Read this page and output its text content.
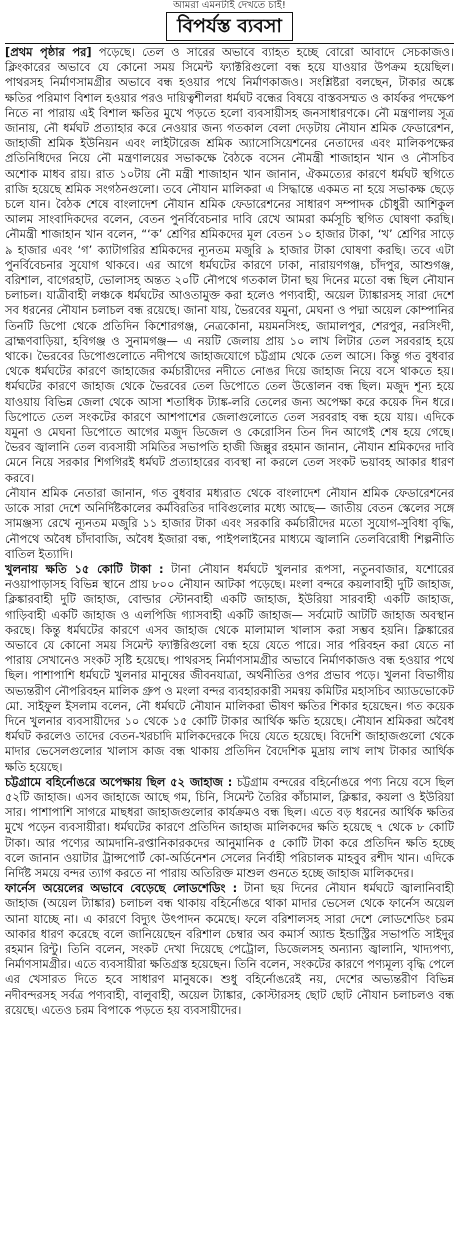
আমরা এমনটাই দেখতে চাই!
বিপর্যস্ত ব্যবসা

[প্রথম পৃষ্ঠার পর] পড়েছে। তেল ও সারের অভাবে ব্যাহত হচ্ছে বোরো আবাদে সেচকাজও। ক্লিংকারের অভাবে যে কোনো সময় সিমেন্ট ফ্যাক্টরিগুলো বন্ধ হয়ে যাওয়ার উপক্রম হয়েছিল। পাথরসহ নির্মাণসামগ্রীর অভাবে বন্ধ হওয়ার পথে নির্মাণকাজও। সংশ্লিষ্টরা বলছেন, টাকার অঙ্কে ক্ষতির পরিমাণ বিশাল হওয়ার পরও দায়িত্বশীলরা ধর্মঘট বন্ধের বিষয়ে বাস্তবসম্মত ও কার্যকর পদক্ষেপ নিতে না পারায় এই বিশাল ক্ষতির মুখে পড়তে হলো ব্যবসায়ীসহ জনসাধারণকে। নৌ মন্ত্রণালয় সূত্র জানায়, নৌ ধর্মঘট প্রত্যাহার করে নেওয়ার জন্য গতকাল বেলা দেড়টায় নৌযান শ্রমিক ফেডারেশন, জাহাজী শ্রমিক ইউনিয়ন এবং লাইটারেজ শ্রমিক অ্যাসোসিয়েশনের নেতাদের এবং মালিকপক্ষের প্রতিনিধিদের নিয়ে নৌ মন্ত্রণালয়ের সভাকক্ষে বৈঠকে বসেন নৌমন্ত্রী শাজাহান খান ও নৌসচিব অশোক মাধব রায়। রাত ১০টায় নৌ মন্ত্রী শাজাহান খান জানান, ঐকমত্যের কারণে ধর্মঘট স্থগিতে রাজি হয়েছে শ্রমিক সংগঠনগুলো। তবে নৌযান মালিকরা এ সিদ্ধান্তে একমত না হয়ে সভাকক্ষ ছেড়ে চলে যান। বৈঠক শেষে বাংলাদেশ নৌযান শ্রমিক ফেডারেশনের সাধারণ সম্পাদক চৌধুরী আশিকুল আলম সাংবাদিকদের বলেন, বেতন পুনর্বিবেচনার দাবি রেখে আমরা কর্মসূচি স্থগিত ঘোষণা করছি। নৌমন্ত্রী শাজাহান খান বলেন, “‘ক’ শ্রেণির শ্রমিকদের মূল বেতন ১০ হাজার টাকা, ‘খ’ শ্রেণির সাড়ে ৯ হাজার এবং ‘গ’ ক্যাটাগরির শ্রমিকদের ন্যূনতম মজুরি ৯ হাজার টাকা ঘোষণা করছি। তবে এটা পুনর্বিবেচনার সুযোগ থাকবে। এর আগে ধর্মঘটের কারণে ঢাকা, নারায়ণগঞ্জ, চাঁদপুর, আশুগঞ্জ, বরিশাল, বাগেরহাট, ভোলাসহ অন্তত ২০টি নৌপথে গতকাল টানা ছয় দিনের মতো বন্ধ ছিল নৌযান চলাচল। যাত্রীবাহী লঞ্চকে ধর্মঘটের আওতামুক্ত করা হলেও পণ্যবাহী, অয়েল ট্যাঙ্কারসহ সারা দেশে সব ধরনের নৌযান চলাচল বন্ধ রয়েছে। জানা যায়, ভৈরবের যমুনা, মেঘনা ও পদ্মা অয়েল কোম্পানির তিনটি ডিপো থেকে প্রতিদিন কিশোরগঞ্জ, নেত্রকোনা, ময়মনসিংহ, জামালপুর, শেরপুর, নরসিংদী, ব্রাহ্মণবাড়িয়া, হবিগঞ্জ ও সুনামগঞ্জ— এ নয়টি জেলায় প্রায় ১০ লাখ লিটার তেল সরবরাহ হয়ে থাকে। ভৈরবের ডিপোগুলোতে নদীপথে জাহাজযোগে চট্টগ্রাম থেকে তেল আসে। কিন্তু গত বুধবার থেকে ধর্মঘটের কারণে জাহাজের কর্মচারীদের নদীতে নোঙর দিয়ে জাহাজ নিয়ে বসে থাকতে হয়। ধর্মঘটের কারণে জাহাজ থেকে ভৈরবের তেল ডিপোতে তেল উত্তোলন বন্ধ ছিল। মজুদ শূন্য হয়ে যাওয়ায় বিভিন্ন জেলা থেকে আসা শতাধিক ট্যাঙ্ক-লরি তেলের জন্য অপেক্ষা করে কয়েক দিন ধরে। ডিপোতে তেল সংকটের কারণে আশপাশের জেলাগুলোতে তেল সরবরাহ বন্ধ হয়ে যায়। এদিকে যমুনা ও মেঘনা ডিপোতে আগের মজুদ ডিজেল ও কেরোসিন তিন দিন আগেই শেষ হয়ে গেছে। ভৈরব জ্বালানি তেল ব্যবসায়ী সমিতির সভাপতি হাজী জিল্লুর রহমান জানান, নৌযান শ্রমিকদের দাবি মেনে নিয়ে সরকার শিগগিরই ধর্মঘট প্রত্যাহারের ব্যবস্থা না করলে তেল সংকট ভয়াবহ আকার ধারণ করবে।

নৌযান শ্রমিক নেতারা জানান, গত বুধবার মধ্যরাত থেকে বাংলাদেশ নৌযান শ্রমিক ফেডারেশনের ডাকে সারা দেশে অনির্দিষ্টকালের কর্মবিরতির দাবিগুলোর মধ্যে আছে— জাতীয় বেতন স্কেলের সঙ্গে সামঞ্জস্য রেখে ন্যূনতম মজুরি ১১ হাজার টাকা এবং সরকারি কর্মচারীদের মতো সুযোগ-সুবিধা বৃদ্ধি, নৌপথে অবৈধ চাঁদাবাজি, অবৈধ ইজারা বন্ধ, পাইপলাইনের মাধ্যমে জ্বালানি তেলবিরোধী শিল্পনীতি বাতিল ইত্যাদি।

খুলনায় ক্ষতি ১৫ কোটি টাকা : টানা নৌযান ধর্মঘটে খুলনার রূপসা, নতুনবাজার, যশোরের নওয়াপাড়াসহ বিভিন্ন স্থানে প্রায় ৮০০ নৌযান আটকা পড়েছে। মংলা বন্দরে কয়লাবাহী দুটি জাহাজ, ক্লিঙ্কারবাহী দুটি জাহাজ, বোল্ডার স্টোনবাহী একটি জাহাজ, ইউরিয়া সারবাহী একটি জাহাজ, গাড়িবাহী একটি জাহাজ ও এলপিজি গ্যাসবাহী একটি জাহাজ— সর্বমোট আটটি জাহাজ অবস্থান করছে। কিন্তু ধর্মঘটের কারণে এসব জাহাজ থেকে মালামাল খালাস করা সম্ভব হয়নি। ক্লিঙ্কারের অভাবে যে কোনো সময় সিমেন্ট ফ্যাক্টরিগুলো বন্ধ হয়ে যেতে পারে। সার পরিবহন করা যেতে না পারায় সেখানেও সংকট সৃষ্টি হয়েছে। পাথরসহ নির্মাণসামগ্রীর অভাবে নির্মাণকাজও বন্ধ হওয়ার পথে ছিল। পাশাপাশি ধর্মঘটে খুলনার মানুষের জীবনযাত্রা, অর্থনীতির ওপর প্রভাব পড়ে। খুলনা বিভাগীয় অভ্যন্তরীণ নৌপরিবহন মালিক গ্রুপ ও মংলা বন্দর ব্যবহারকারী সমন্বয় কমিটির মহাসচিব অ্যাডভোকেট মো. সাইফুল ইসলাম বলেন, নৌ ধর্মঘটে নৌযান মালিকরা ভীষণ ক্ষতির শিকার হয়েছেন। গত কয়েক দিনে খুলনার ব্যবসায়ীদের ১০ থেকে ১৫ কোটি টাকার আর্থিক ক্ষতি হয়েছে। নৌযান শ্রমিকরা অবৈধ ধর্মঘট করলেও তাদের বেতন-খরচাদি মালিকদেরকে দিয়ে যেতে হয়েছে। বিদেশি জাহাজগুলো থেকে মাদার ভেসেলগুলোর খালাস কাজ বন্ধ থাকায় প্রতিদিন বৈদেশিক মুদ্রায় লাখ লাখ টাকার আর্থিক ক্ষতি হয়েছে।

চট্টগ্রামে বহির্নোঙরে অপেক্ষায় ছিল ৫২ জাহাজ : চট্টগ্রাম বন্দরের বহির্নোঙরে পণ্য নিয়ে বসে ছিল ৫২টি জাহাজ। এসব জাহাজে আছে গম, চিনি, সিমেন্ট তৈরির কাঁচামাল, ক্লিঙ্কার, কয়লা ও ইউরিয়া সার। পাশাপাশি সাগরে মাছধরা জাহাজগুলোর কার্যক্রমও বন্ধ ছিল। এতে বড় ধরনের আর্থিক ক্ষতির মুখে পড়েন ব্যবসায়ীরা। ধর্মঘটের কারণে প্রতিদিন জাহাজ মালিকদের ক্ষতি হয়েছে ৭ থেকে ৮ কোটি টাকা। আর পণ্যের আমদানি-রপ্তানিকারকদের আনুমানিক ৫ কোটি টাকা করে প্রতিদিন ক্ষতি হচ্ছে বলে জানান ওয়াটার ট্রান্সপোর্ট কো-অর্ডিনেশন সেলের নির্বাহী পরিচালক মাহবুব রশীদ খান। এদিকে নির্দিষ্ট সময়ে বন্দর ত্যাগ করতে না পারায় অতিরিক্ত মাশুল গুনতে হচ্ছে জাহাজ মালিকদের।

ফার্নেস অয়েলের অভাবে বেড়েছে লোডশেডিং : টানা ছয় দিনের নৌযান ধর্মঘটে জ্বালানিবাহী জাহাজ (অয়েল ট্যাঙ্কার) চলাচল বন্ধ থাকায় বহির্নোঙরে থাকা মাদার ভেসেল থেকে ফার্নেস অয়েল আনা যাচ্ছে না। এ কারণে বিদ্যুৎ উৎপাদন কমেছে। ফলে বরিশালসহ সারা দেশে লোডশেডিং চরম আকার ধারণ করেছে বলে জানিয়েছেন বরিশাল চেম্বার অব কমার্স অ্যান্ড ইন্ডাস্ট্রির সভাপতি সাইদুর রহমান রিন্টু। তিনি বলেন, সংকট দেখা দিয়েছে পেট্রোল, ডিজেলসহ অন্যান্য জ্বালানি, খাদ্যপণ্য, নির্মাণসামগ্রীর। এতে ব্যবসায়ীরা ক্ষতিগ্রস্ত হয়েছেন। তিনি বলেন, সংকটের কারণে পণ্যমূল্য বৃদ্ধি পেলে এর খেসারত দিতে হবে সাধারণ মানুষকে। শুধু বহির্নোঙরেই নয়, দেশের অভ্যন্তরীণ বিভিন্ন নদীবন্দরসহ সর্বত্র পণ্যবাহী, বালুবাহী, অয়েল ট্যাঙ্কার, কোস্টারসহ ছোট ছোট নৌযান চলাচলও বন্ধ রয়েছে। এতেও চরম বিপাকে পড়তে হয় ব্যবসায়ীদের।
